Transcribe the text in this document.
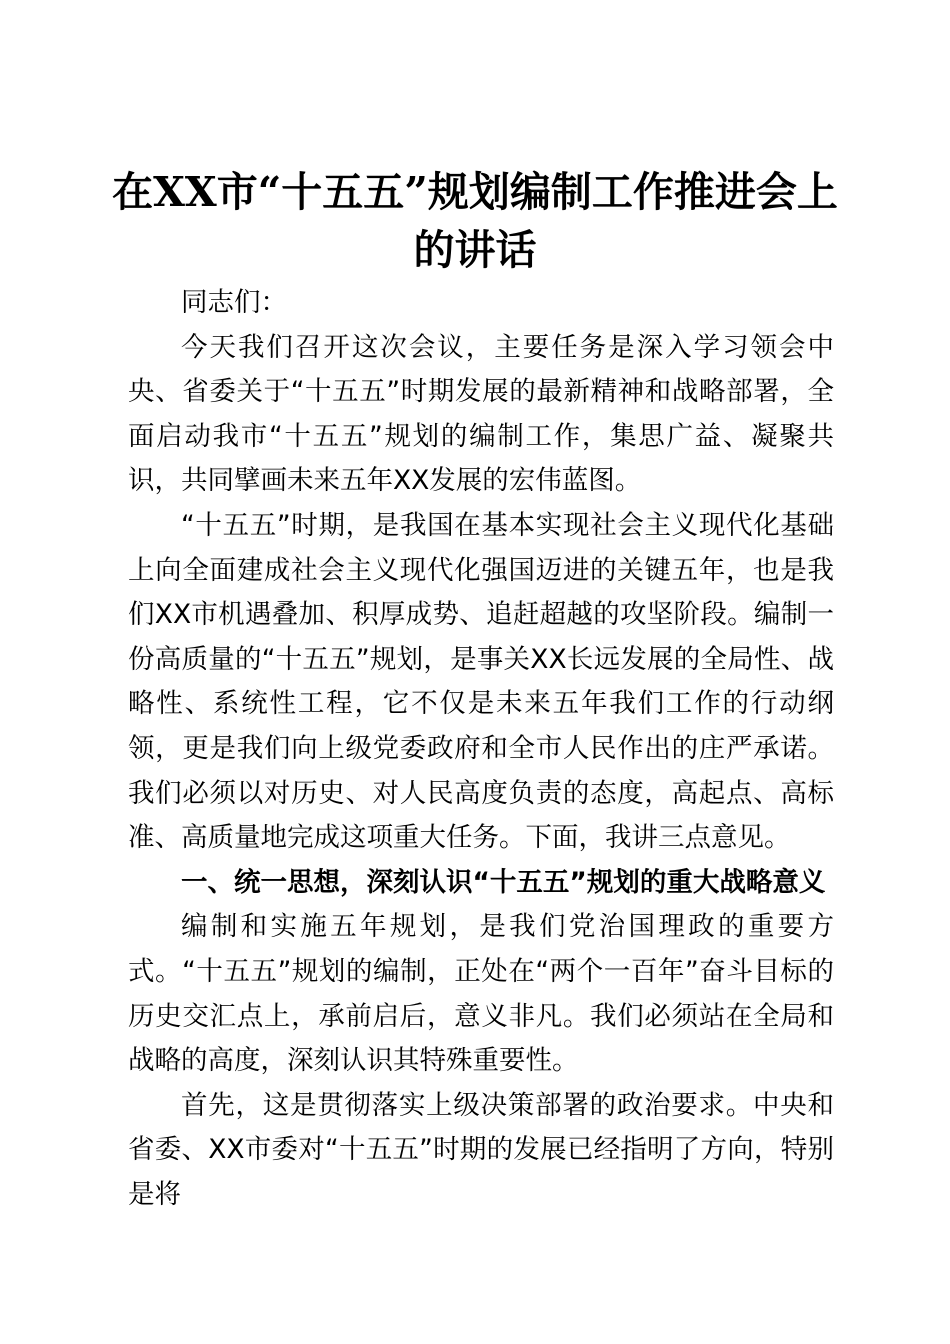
在XX市“十五五”规划编制工作推进会上的讲话

同志们：

今天我们召开这次会议，主要任务是深入学习领会中央、省委关于“十五五”时期发展的最新精神和战略部署，全面启动我市“十五五”规划的编制工作，集思广益、凝聚共识，共同擘画未来五年XX发展的宏伟蓝图。

“十五五”时期，是我国在基本实现社会主义现代化基础上向全面建成社会主义现代化强国迈进的关键五年，也是我们XX市机遇叠加、积厚成势、追赶超越的攻坚阶段。编制一份高质量的“十五五”规划，是事关XX长远发展的全局性、战略性、系统性工程，它不仅是未来五年我们工作的行动纲领，更是我们向上级党委政府和全市人民作出的庄严承诺。我们必须以对历史、对人民高度负责的态度，高起点、高标准、高质量地完成这项重大任务。下面，我讲三点意见。

一、统一思想，深刻认识“十五五”规划的重大战略意义

编制和实施五年规划，是我们党治国理政的重要方式。“十五五”规划的编制，正处在“两个一百年”奋斗目标的历史交汇点上，承前启后，意义非凡。我们必须站在全局和战略的高度，深刻认识其特殊重要性。

首先，这是贯彻落实上级决策部署的政治要求。中央和省委、XX市委对“十五五”时期的发展已经指明了方向，特别是将
